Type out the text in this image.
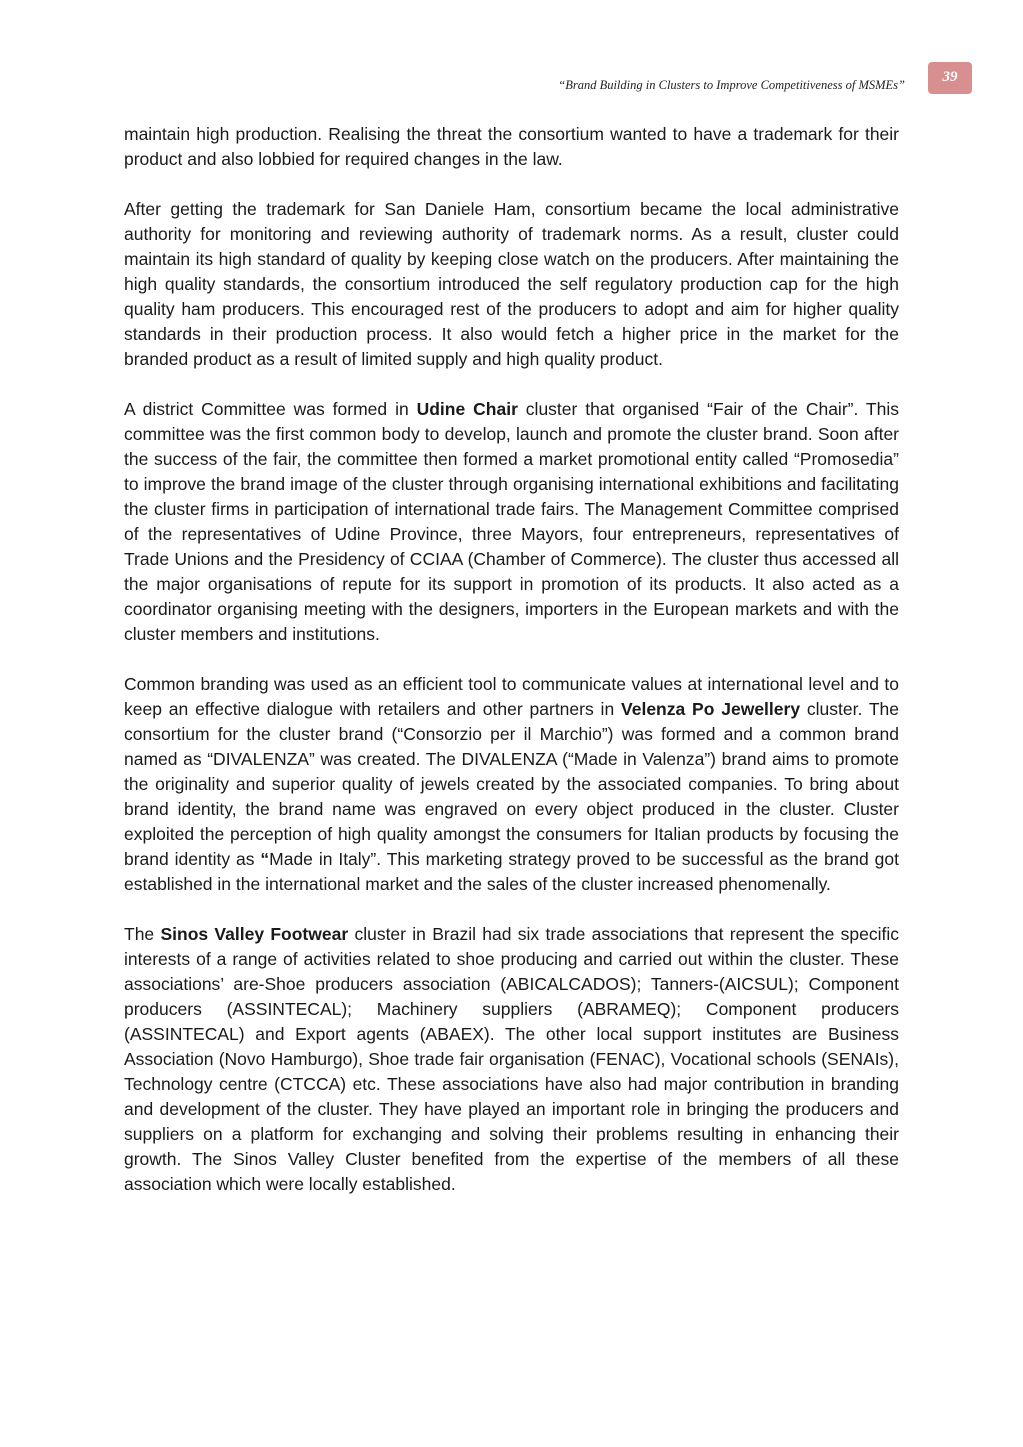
“Brand Building in Clusters to Improve Competitiveness of MSMEs”	39

maintain high production. Realising the threat the consortium wanted to have a trademark for their product and also lobbied for required changes in the law.

After getting the trademark for San Daniele Ham, consortium became the local administrative authority for monitoring and reviewing authority of trademark norms. As a result, cluster could maintain its high standard of quality by keeping close watch on the producers. After maintaining the high quality standards, the consortium introduced the self regulatory production cap for the high quality ham producers. This encouraged rest of the producers to adopt and aim for higher quality standards in their production process. It also would fetch a higher price in the market for the branded product as a result of limited supply and high quality product.

A district Committee was formed in Udine Chair cluster that organised “Fair of the Chair”. This committee was the first common body to develop, launch and promote the cluster brand. Soon after the success of the fair, the committee then formed a market promotional entity called “Promosedia” to improve the brand image of the cluster through organising international exhibitions and facilitating the cluster firms in participation of international trade fairs. The Management Committee comprised of the representatives of Udine Province, three Mayors, four entrepreneurs, representatives of Trade Unions and the Presidency of CCIAA (Chamber of Commerce). The cluster thus accessed all the major organisations of repute for its support in promotion of its products. It also acted as a coordinator organising meeting with the designers, importers in the European markets and with the cluster members and institutions.

Common branding was used as an efficient tool to communicate values at international level and to keep an effective dialogue with retailers and other partners in Velenza Po Jewellery cluster. The consortium for the cluster brand (“Consorzio per il Marchio”) was formed and a common brand named as “DIVALENZA” was created. The DIVALENZA (“Made in Valenza”) brand aims to promote the originality and superior quality of jewels created by the associated companies. To bring about brand identity, the brand name was engraved on every object produced in the cluster. Cluster exploited the perception of high quality amongst the consumers for Italian products by focusing the brand identity as “Made in Italy”. This marketing strategy proved to be successful as the brand got established in the international market and the sales of the cluster increased phenomenally.

The Sinos Valley Footwear cluster in Brazil had six trade associations that represent the specific interests of a range of activities related to shoe producing and carried out within the cluster. These associations’ are-Shoe producers association (ABICALCADOS); Tanners-(AICSUL); Component producers (ASSINTECAL); Machinery suppliers (ABRAMEQ); Component producers (ASSINTECAL) and Export agents (ABAEX). The other local support institutes are Business Association (Novo Hamburgo), Shoe trade fair organisation (FENAC), Vocational schools (SENAIs), Technology centre (CTCCA) etc. These associations have also had major contribution in branding and development of the cluster. They have played an important role in bringing the producers and suppliers on a platform for exchanging and solving their problems resulting in enhancing their growth. The Sinos Valley Cluster benefited from the expertise of the members of all these association which were locally established.
